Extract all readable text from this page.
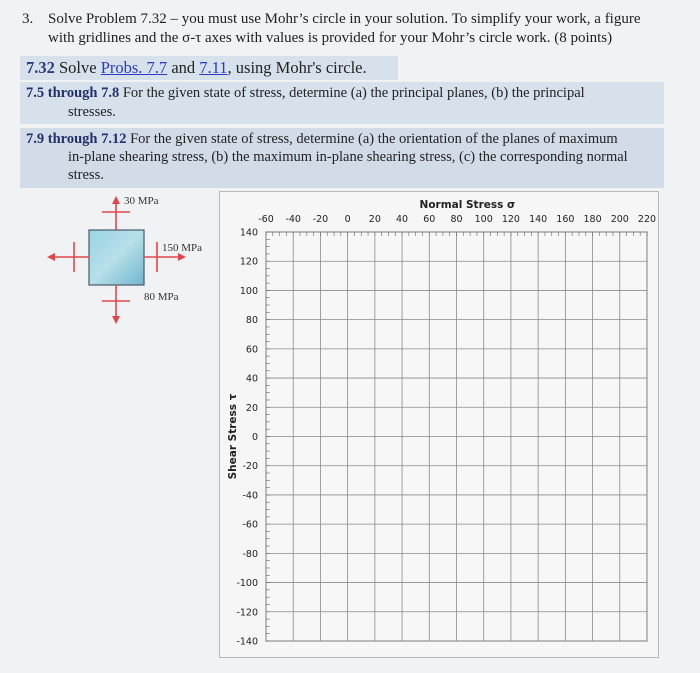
3. Solve Problem 7.32 – you must use Mohr’s circle in your solution. To simplify your work, a figure
with gridlines and the σ-τ axes with values is provided for your Mohr’s circle work. (8 points)
7.32 Solve Probs. 7.7 and 7.11, using Mohr's circle.
7.5 through 7.8 For the given state of stress, determine (a) the principal planes, (b) the principal
stresses.
7.9 through 7.12 For the given state of stress, determine (a) the orientation of the planes of maximum
in-plane shearing stress, (b) the maximum in-plane shearing stress, (c) the corresponding normal
stress.
30 MPa
150 MPa
80 MPa
-60 -40 -20 0 20 40 60 80 100 120 140 160 180 200 220
140
120
100
80
60
40
20
0
-20
-40
-60
-80
-100
-120
-140
Normal Stress σ
Shear Stress τ
